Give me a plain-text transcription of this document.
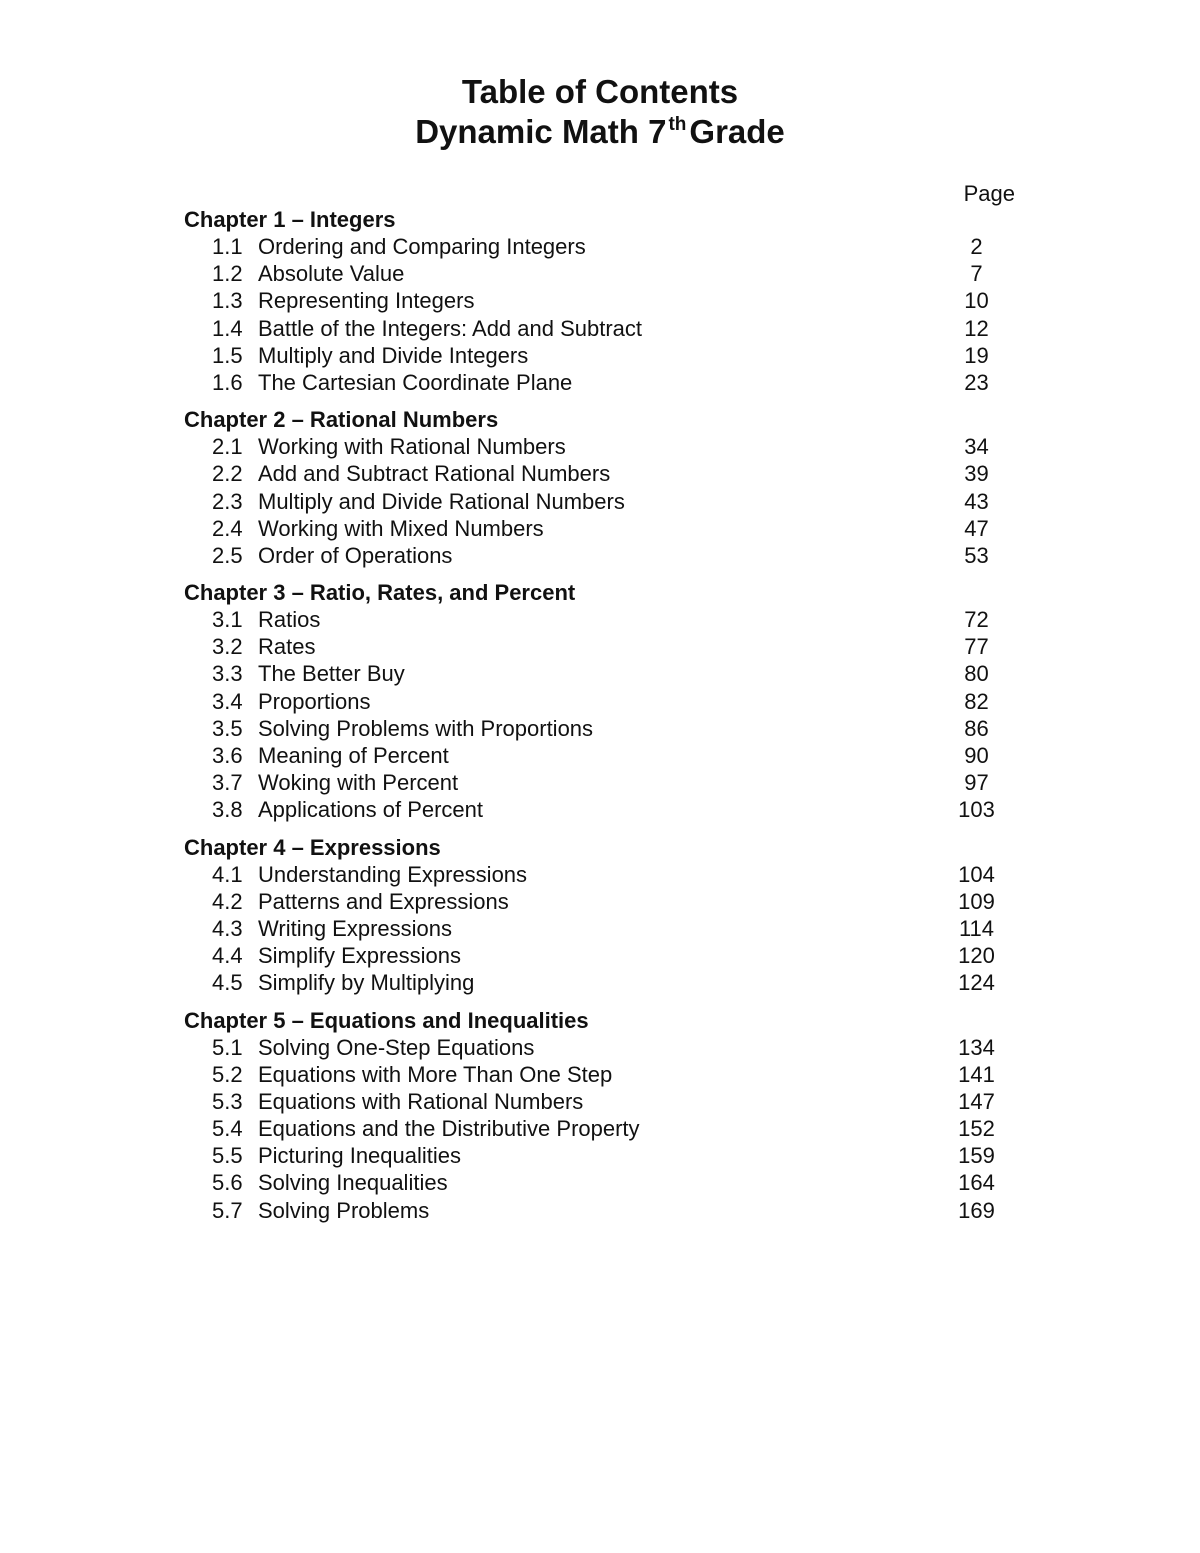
Table of Contents
Dynamic Math 7 $^{th}$Grade
Page
Chapter 1 – Integers
1.1 Ordering and Comparing Integers	2
1.2 Absolute Value	7
1.3 Representing Integers	10
1.4 Battle of the Integers: Add and Subtract	12
1.5 Multiply and Divide Integers	19
1.6 The Cartesian Coordinate Plane	23
Chapter 2 – Rational Numbers
2.1 Working with Rational Numbers	34
2.2 Add and Subtract Rational Numbers	39
2.3 Multiply and Divide Rational Numbers	43
2.4 Working with Mixed Numbers	47
2.5 Order of Operations	53
Chapter 3 – Ratio, Rates, and Percent
3.1 Ratios	72
3.2 Rates	77
3.3 The Better Buy	80
3.4 Proportions	82
3.5 Solving Problems with Proportions	86
3.6 Meaning of Percent	90
3.7 Woking with Percent	97
3.8 Applications of Percent	103
Chapter 4 – Expressions
4.1 Understanding Expressions	104
4.2 Patterns and Expressions	109
4.3 Writing Expressions	114
4.4 Simplify Expressions	120
4.5 Simplify by Multiplying	124
Chapter 5 – Equations and Inequalities
5.1 Solving One-Step Equations	134
5.2 Equations with More Than One Step	141
5.3 Equations with Rational Numbers	147
5.4 Equations and the Distributive Property	152
5.5 Picturing Inequalities	159
5.6 Solving Inequalities	164
5.7 Solving Problems	169
